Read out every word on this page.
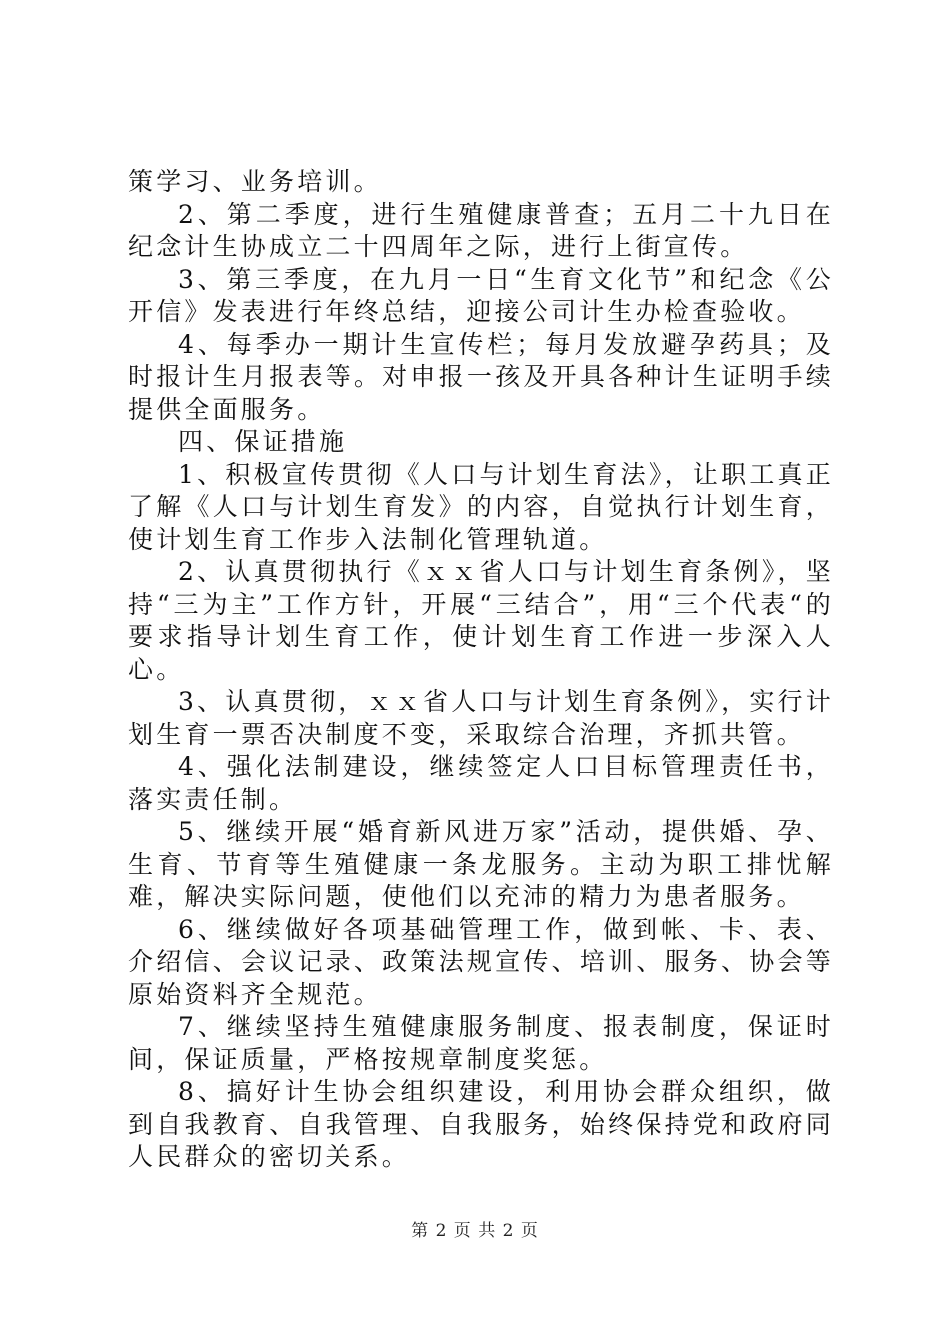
策学习、业务培训。

2、第二季度，进行生殖健康普查；五月二十九日在纪念计生协成立二十四周年之际，进行上街宣传。

3、第三季度，在九月一日“生育文化节”和纪念《公开信》发表进行年终总结，迎接公司计生办检查验收。

4、每季办一期计生宣传栏；每月发放避孕药具；及时报计生月报表等。对申报一孩及开具各种计生证明手续提供全面服务。

四、保证措施

1、积极宣传贯彻《人口与计划生育法》，让职工真正了解《人口与计划生育发》的内容，自觉执行计划生育，使计划生育工作步入法制化管理轨道。

2、认真贯彻执行《ｘｘ省人口与计划生育条例》，坚持“三为主”工作方针，开展“三结合”，用“三个代表“的要求指导计划生育工作，使计划生育工作进一步深入人心。

3、认真贯彻，ｘｘ省人口与计划生育条例》，实行计划生育一票否决制度不变，采取综合治理，齐抓共管。

4、强化法制建设，继续签定人口目标管理责任书，落实责任制。

5、继续开展“婚育新风进万家”活动，提供婚、孕、生育、节育等生殖健康一条龙服务。主动为职工排忧解难，解决实际问题，使他们以充沛的精力为患者服务。

6、继续做好各项基础管理工作，做到帐、卡、表、介绍信、会议记录、政策法规宣传、培训、服务、协会等原始资料齐全规范。

7、继续坚持生殖健康服务制度、报表制度，保证时间，保证质量，严格按规章制度奖惩。

8、搞好计生协会组织建设，利用协会群众组织，做到自我教育、自我管理、自我服务，始终保持党和政府同人民群众的密切关系。

第 2 页 共 2 页
